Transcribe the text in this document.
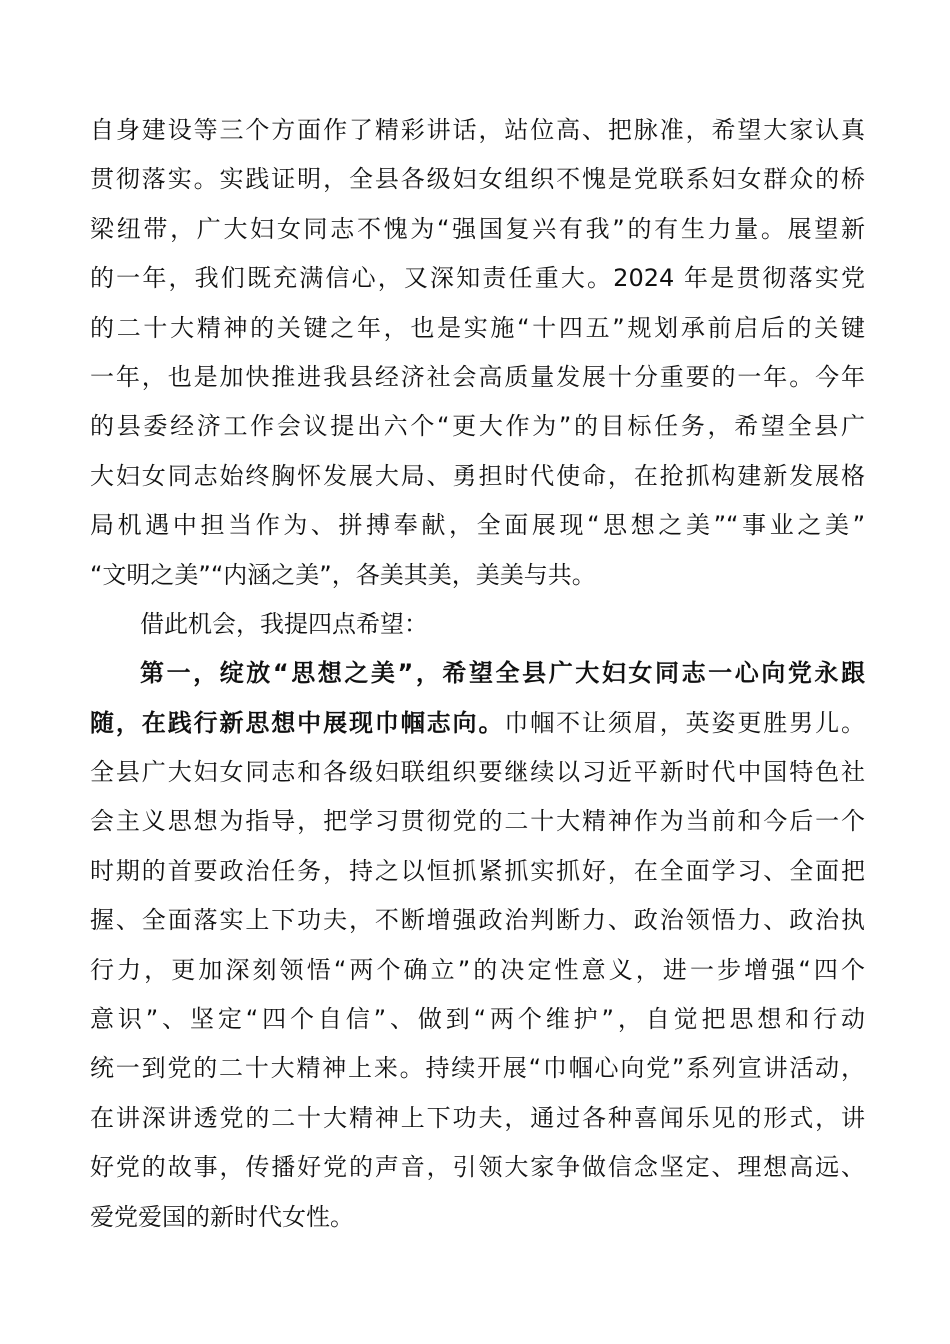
自身建设等三个方面作了精彩讲话，站位高、把脉准，希望大家认真
贯彻落实。实践证明，全县各级妇女组织不愧是党联系妇女群众的桥
梁纽带，广大妇女同志不愧为“强国复兴有我”的有生力量。展望新
的一年，我们既充满信心，又深知责任重大。2024 年是贯彻落实党
的二十大精神的关键之年，也是实施“十四五”规划承前启后的关键
一年，也是加快推进我县经济社会高质量发展十分重要的一年。今年
的县委经济工作会议提出六个“更大作为”的目标任务，希望全县广
大妇女同志始终胸怀发展大局、勇担时代使命，在抢抓构建新发展格
局机遇中担当作为、拼搏奉献，全面展现“思想之美”“事业之美”
“文明之美”“内涵之美”，各美其美，美美与共。
借此机会，我提四点希望：
第一，绽放“思想之美”，希望全县广大妇女同志一心向党永跟
随，在践行新思想中展现巾帼志向。巾帼不让须眉，英姿更胜男儿。
全县广大妇女同志和各级妇联组织要继续以习近平新时代中国特色社
会主义思想为指导，把学习贯彻党的二十大精神作为当前和今后一个
时期的首要政治任务，持之以恒抓紧抓实抓好，在全面学习、全面把
握、全面落实上下功夫，不断增强政治判断力、政治领悟力、政治执
行力，更加深刻领悟“两个确立”的决定性意义，进一步增强“四个
意识”、坚定“四个自信”、做到“两个维护”，自觉把思想和行动
统一到党的二十大精神上来。持续开展“巾帼心向党”系列宣讲活动，
在讲深讲透党的二十大精神上下功夫，通过各种喜闻乐见的形式，讲
好党的故事，传播好党的声音，引领大家争做信念坚定、理想高远、
爱党爱国的新时代女性。
